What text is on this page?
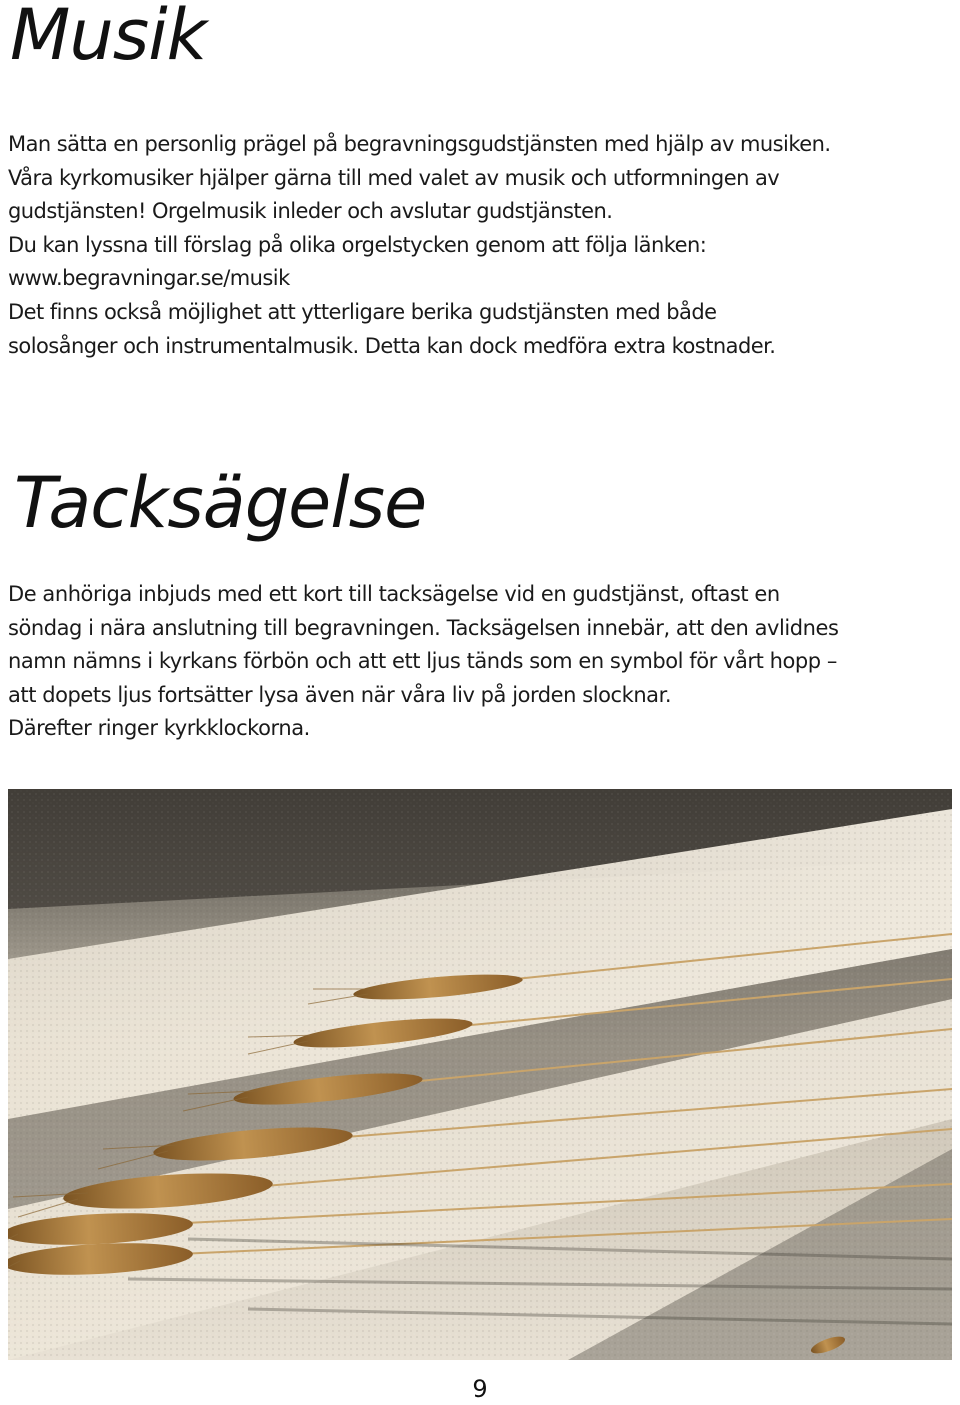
Musik
Man sätta en personlig prägel på begravningsgudstjänsten med hjälp av musiken.
Våra kyrkomusiker hjälper gärna till med valet av musik och utformningen av
gudstjänsten! Orgelmusik inleder och avslutar gudstjänsten.
Du kan lyssna till förslag på olika orgelstycken genom att följa länken:
www.begravningar.se/musik
Det finns också möjlighet att ytterligare berika gudstjänsten med både
solosånger och instrumentalmusik. Detta kan dock medföra extra kostnader.
Tacksägelse
De anhöriga inbjuds med ett kort till tacksägelse vid en gudstjänst, oftast en
söndag i nära anslutning till begravningen. Tacksägelsen innebär, att den avlidnes
namn nämns i kyrkans förbön och att ett ljus tänds som en symbol för vårt hopp –
att dopets ljus fortsätter lysa även när våra liv på jorden slocknar.
Därefter ringer kyrkklockorna.
9
